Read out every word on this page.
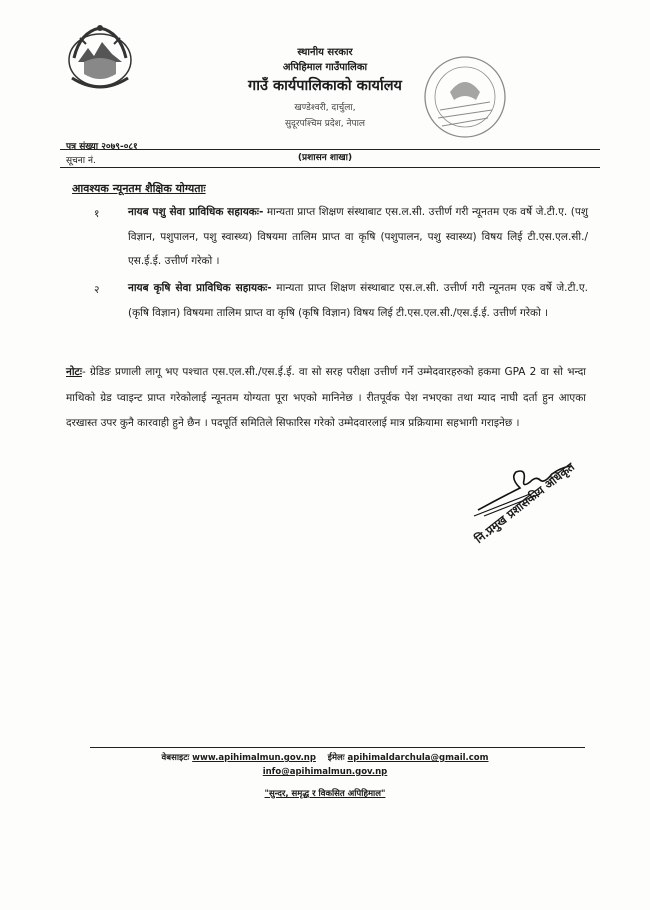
स्थानीय सरकार
अपिहिमाल गाउँपालिका
गाउँ कार्यपालिकाको कार्यालय
खण्डेश्वरी, दार्चुला,
सुदूरपश्चिम प्रदेश, नेपाल
पत्र संख्या २०७९-०८१
सूचना नं.	(प्रशासन शाखा)
आवश्यक न्यूनतम शैक्षिक योग्यताः
१	नायब पशु सेवा प्राविधिक सहायकः- मान्यता प्राप्त शिक्षण संस्थाबाट एस.ल.सी. उत्तीर्ण गरी न्यूनतम एक वर्षे जे.टी.ए. (पशु विज्ञान, पशुपालन, पशु स्वास्थ्य) विषयमा तालिम प्राप्त वा कृषि (पशुपालन, पशु स्वास्थ्य) विषय लिई टी.एस.एल.सी./एस.ई.ई. उत्तीर्ण गरेको ।
२	नायब कृषि सेवा प्राविधिक सहायकः- मान्यता प्राप्त शिक्षण संस्थाबाट एस.ल.सी. उत्तीर्ण गरी न्यूनतम एक वर्षे जे.टी.ए. (कृषि विज्ञान) विषयमा तालिम प्राप्त वा कृषि (कृषि विज्ञान) विषय लिई टी.एस.एल.सी./एस.ई.ई. उत्तीर्ण गरेको ।
नोटः- ग्रेडिङ प्रणाली लागू भए पश्चात एस.एल.सी./एस.ई.ई. वा सो सरह परीक्षा उत्तीर्ण गर्ने उम्मेदवारहरुको हकमा GPA 2 वा सो भन्दा माथिको ग्रेड प्वाइन्ट प्राप्त गरेकोलाई न्यूनतम योग्यता पूरा भएको मानिनेछ । रीतपूर्वक पेश नभएका तथा म्याद नाघी दर्ता हुन आएका दरखास्त उपर कुनै कारवाही हुने छैन । पदपूर्ति समितिले सिफारिस गरेको उम्मेदवारलाई मात्र प्रक्रियामा सहभागी गराइनेछ ।
नि.प्रमुख प्रशासकीय अधिकृत
वेबसाइटः www.apihimalmun.gov.np ईमेलः apihimaldarchula@gmail.com
info@apihimalmun.gov.np
"सुन्दर, समृद्ध र विकसित अपिहिमाल"
